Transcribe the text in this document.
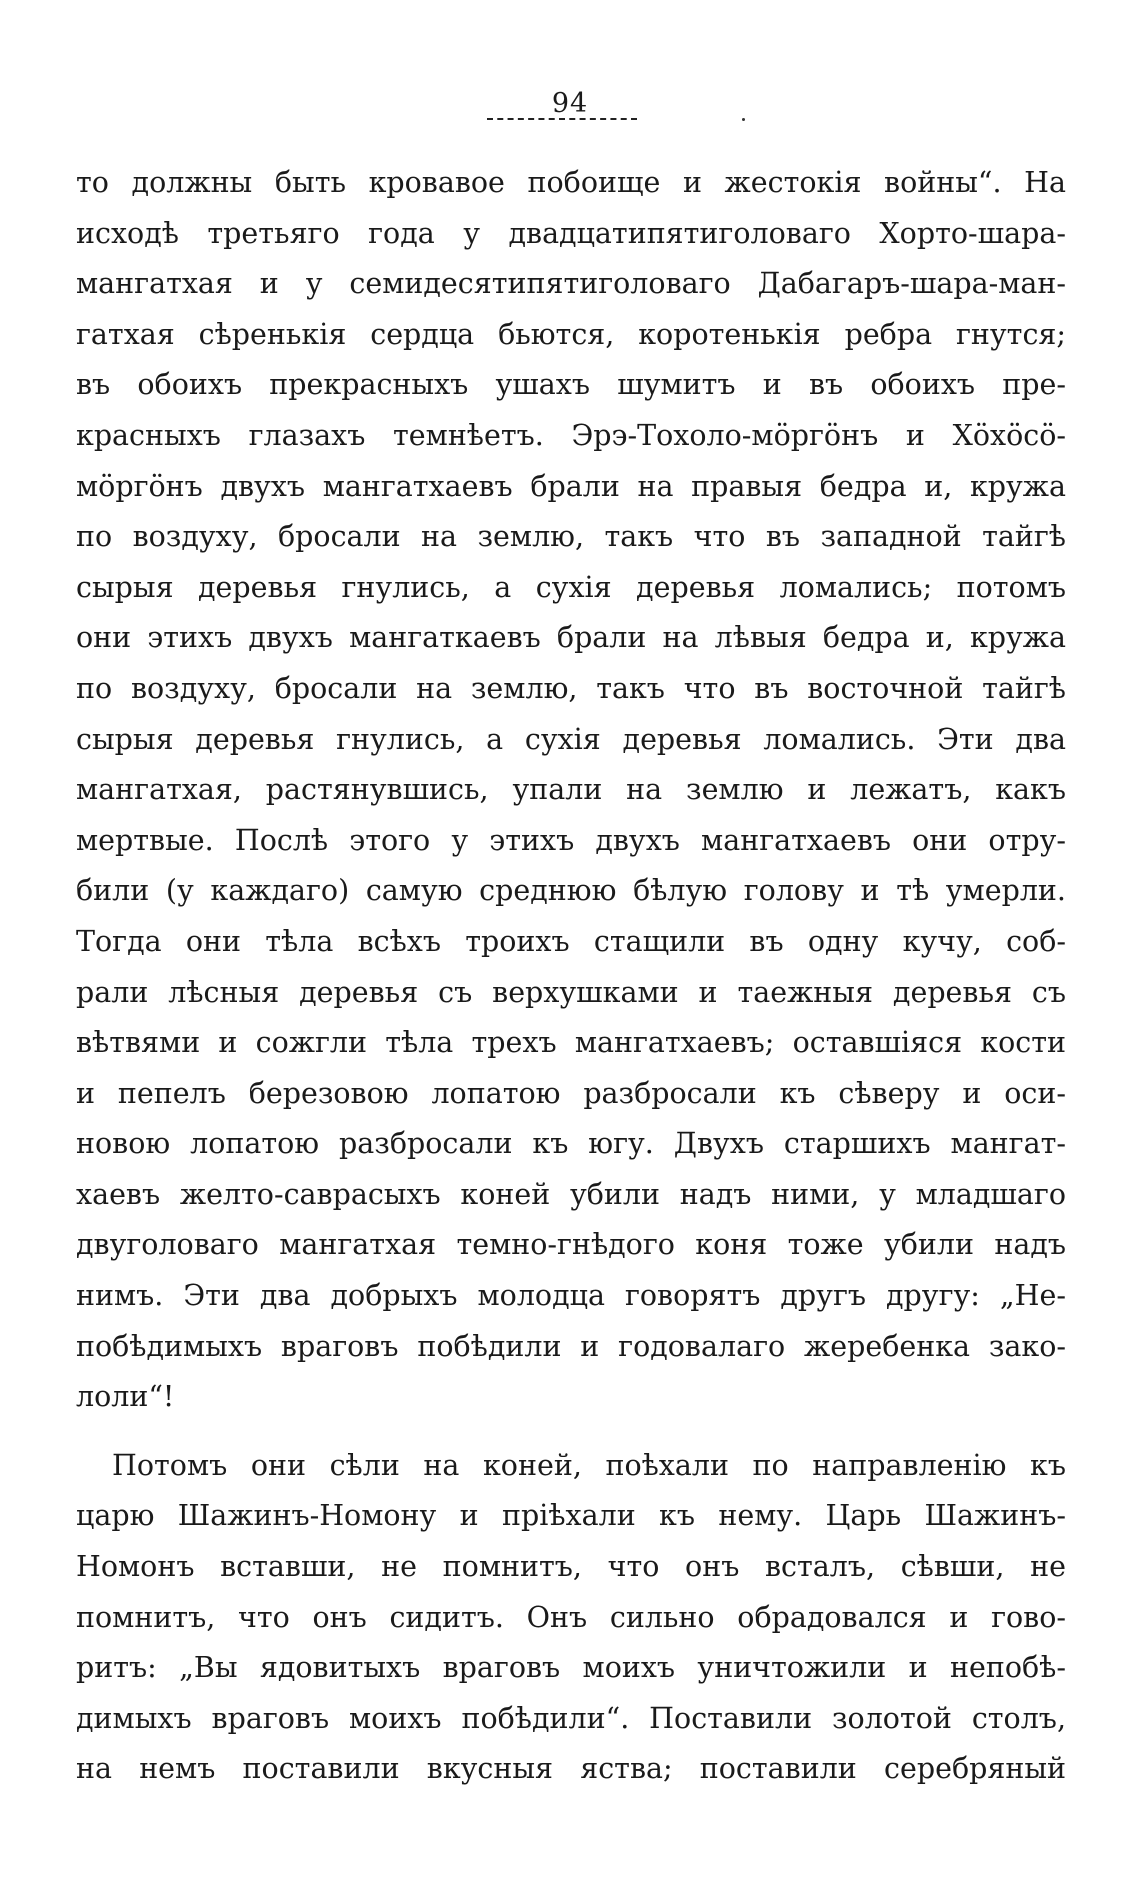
94
то должны быть кровавое побоище и жестокія войны“. На
исходѣ третьяго года у двадцатипятиголоваго Хорто-шара-
мангатхая и у семидесятипятиголоваго Дабагаръ-шара-ман-
гатхая сѣренькія сердца бьются, коротенькія ребра гнутся;
въ обоихъ прекрасныхъ ушахъ шумитъ и въ обоихъ пре-
красныхъ глазахъ темнѣетъ. Эрэ-Тохоло-мöргöнъ и Хöхöсö-
мöргöнъ двухъ мангатхаевъ брали на правыя бедра и, кружа
по воздуху, бросали на землю, такъ что въ западной тайгѣ
сырыя деревья гнулись, а сухія деревья ломались; потомъ
они этихъ двухъ мангаткаевъ брали на лѣвыя бедра и, кружа
по воздуху, бросали на землю, такъ что въ восточной тайгѣ
сырыя деревья гнулись, а сухія деревья ломались. Эти два
мангатхая, растянувшись, упали на землю и лежатъ, какъ
мертвые. Послѣ этого у этихъ двухъ мангатхаевъ они отру-
били (у каждаго) самую среднюю бѣлую голову и тѣ умерли.
Тогда они тѣла всѣхъ троихъ стащили въ одну кучу, соб-
рали лѣсныя деревья съ верхушками и таежныя деревья съ
вѣтвями и сожгли тѣла трехъ мангатхаевъ; оставшіяся кости
и пепелъ березовою лопатою разбросали къ сѣверу и оси-
новою лопатою разбросали къ югу. Двухъ старшихъ мангат-
хаевъ желто-саврасыхъ коней убили надъ ними, у младшаго
двуголоваго мангатхая темно-гнѣдого коня тоже убили надъ
нимъ. Эти два добрыхъ молодца говорятъ другъ другу: „Не-
побѣдимыхъ враговъ побѣдили и годовалаго жеребенка зако-
лоли“!
Потомъ они сѣли на коней, поѣхали по направленію къ
царю Шажинъ-Номону и пріѣхали къ нему. Царь Шажинъ-
Номонъ вставши, не помнитъ, что онъ всталъ, сѣвши, не
помнитъ, что онъ сидитъ. Онъ сильно обрадовался и гово-
ритъ: „Вы ядовитыхъ враговъ моихъ уничтожили и непобѣ-
димыхъ враговъ моихъ побѣдили“. Поставили золотой столъ,
на немъ поставили вкусныя яства; поставили серебряный
